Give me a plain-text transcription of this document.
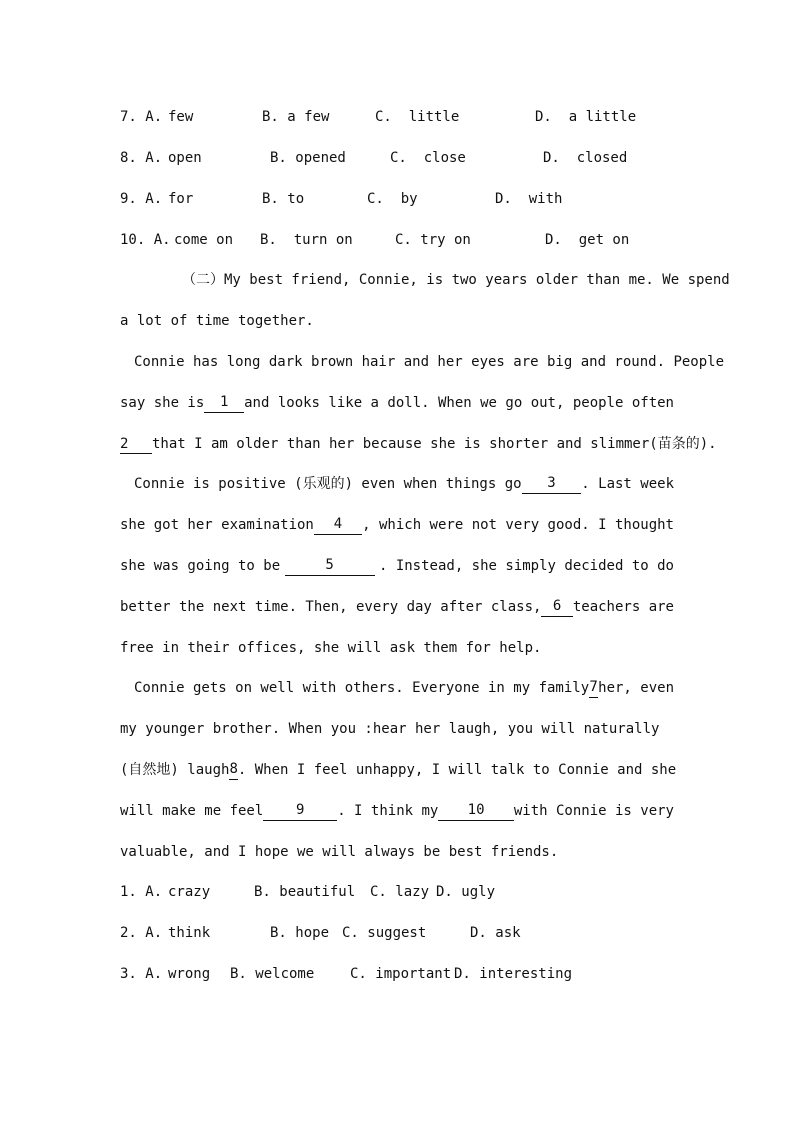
7. A.

few

	B. a few

	C.  little

	D.  a little

8. A.

open

	B. opened

	C.  close

	D.  closed

9. A.

for

	B. to

	C.  by

	D.  with

10. A.

come on

B.  turn on

	C. try on

	D.  get on

（二）My best friend, Connie, is two years older than me. We spend
a lot of time together.
Connie has long dark brown hair and her eyes are big and round. People
say she is	1	and looks like a doll. When we go out, people often
2 that I am older than her because she is shorter and slimmer(苗条的).
Connie is positive (乐观的) even when things go	3	. Last week
she got her examination	4	, which were not very good. I thought
she was going to be	5	. Instead, she simply decided to do
better the next time. Then, every day after class, 6 teachers are
free in their offices, she will ask them for help.
Connie gets on well with others. Everyone in my family 7 her, even
my younger brother. When you :hear her laugh, you will naturally
(自然地) laugh 8 . When I feel unhappy, I will talk to Connie and she
will make me feel	9	. I think my	10	with Connie is very
valuable, and I hope we will always be best friends.

1. A.

crazy

	B. beautiful

C. lazy

D. ugly

2. A.

think

	B. hope

C. suggest

	D. ask

3. A.

wrong

B. welcome

	C. important

D. interesting
